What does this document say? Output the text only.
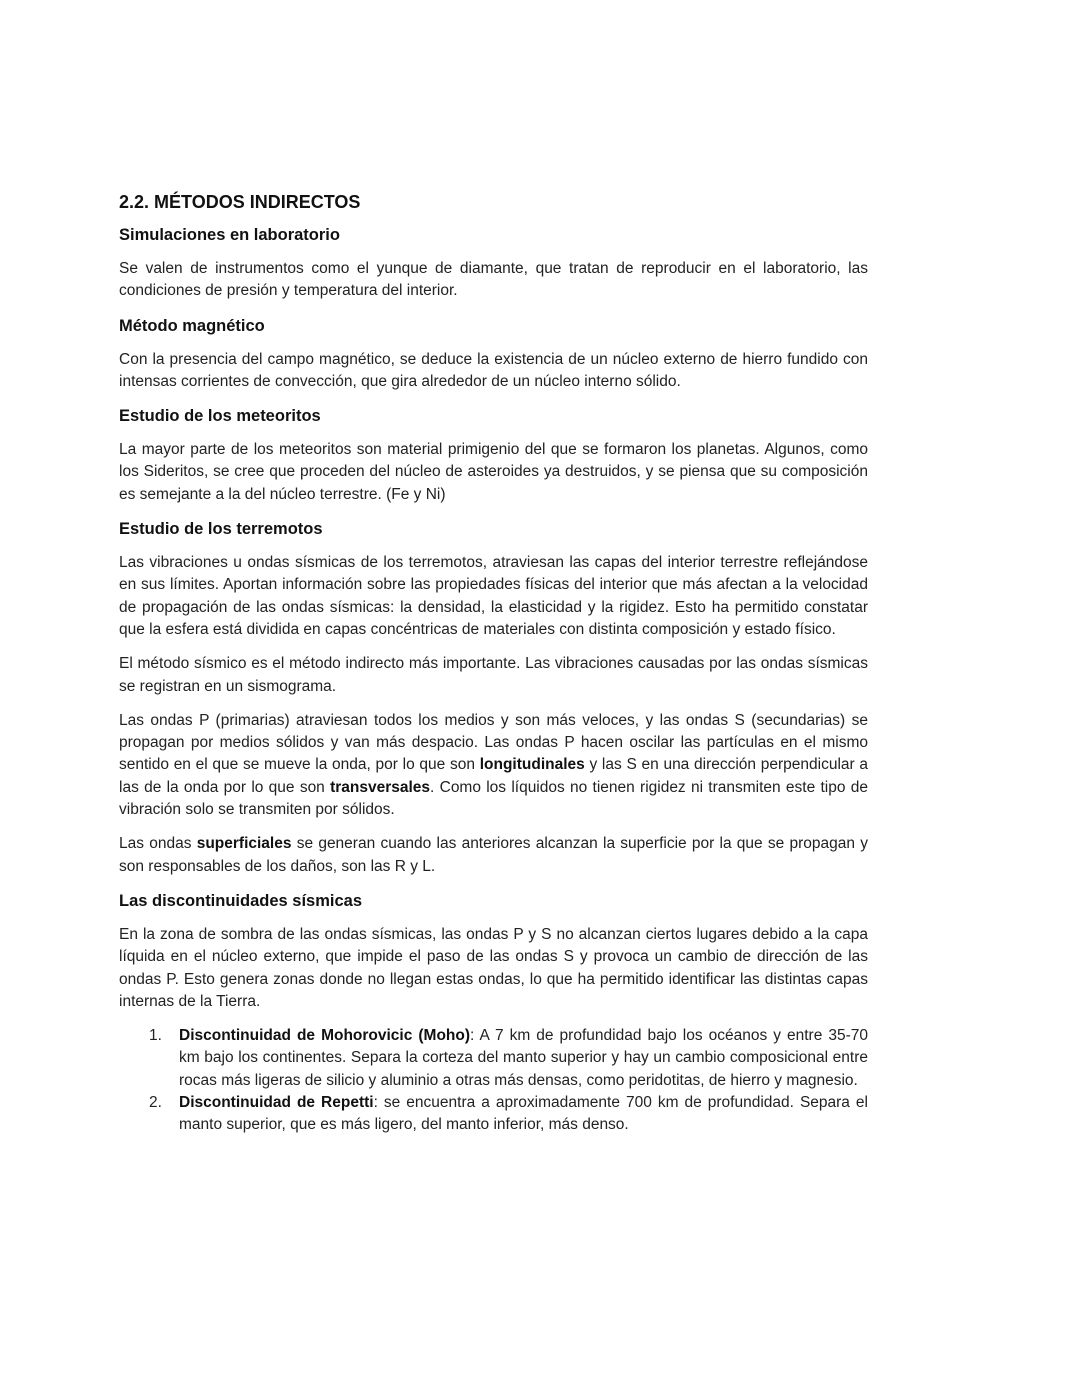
2.2. MÉTODOS INDIRECTOS
Simulaciones en laboratorio

Se valen de instrumentos como el yunque de diamante, que tratan de reproducir en el laboratorio, las condiciones de presión y temperatura del interior.

Método magnético

Con la presencia del campo magnético, se deduce la existencia de un núcleo externo de hierro fundido con intensas corrientes de convección, que gira alrededor de un núcleo interno sólido.

Estudio de los meteoritos

La mayor parte de los meteoritos son material primigenio del que se formaron los planetas. Algunos, como los Sideritos, se cree que proceden del núcleo de asteroides ya destruidos, y se piensa que su composición es semejante a la del núcleo terrestre. (Fe y Ni)

Estudio de los terremotos

Las vibraciones u ondas sísmicas de los terremotos, atraviesan las capas del interior terrestre reflejándose en sus límites. Aportan información sobre las propiedades físicas del interior que más afectan a la velocidad de propagación de las ondas sísmicas: la densidad, la elasticidad y la rigidez. Esto ha permitido constatar que la esfera está dividida en capas concéntricas de materiales con distinta composición y estado físico.

El método sísmico es el método indirecto más importante. Las vibraciones causadas por las ondas sísmicas se registran en un sismograma.

Las ondas P (primarias) atraviesan todos los medios y son más veloces, y las ondas S (secundarias) se propagan por medios sólidos y van más despacio. Las ondas P hacen oscilar las partículas en el mismo sentido en el que se mueve la onda, por lo que son longitudinales y las S en una dirección perpendicular a las de la onda por lo que son transversales. Como los líquidos no tienen rigidez ni transmiten este tipo de vibración solo se transmiten por sólidos.

Las ondas superficiales se generan cuando las anteriores alcanzan la superficie por la que se propagan y son responsables de los daños, son las R y L.

Las discontinuidades sísmicas

En la zona de sombra de las ondas sísmicas, las ondas P y S no alcanzan ciertos lugares debido a la capa líquida en el núcleo externo, que impide el paso de las ondas S y provoca un cambio de dirección de las ondas P. Esto genera zonas donde no llegan estas ondas, lo que ha permitido identificar las distintas capas internas de la Tierra.

1. Discontinuidad de Mohorovicic (Moho): A 7 km de profundidad bajo los océanos y entre 35-70 km bajo los continentes. Separa la corteza del manto superior y hay un cambio composicional entre rocas más ligeras de silicio y aluminio a otras más densas, como peridotitas, de hierro y magnesio.
2. Discontinuidad de Repetti: se encuentra a aproximadamente 700 km de profundidad. Separa el manto superior, que es más ligero, del manto inferior, más denso.
